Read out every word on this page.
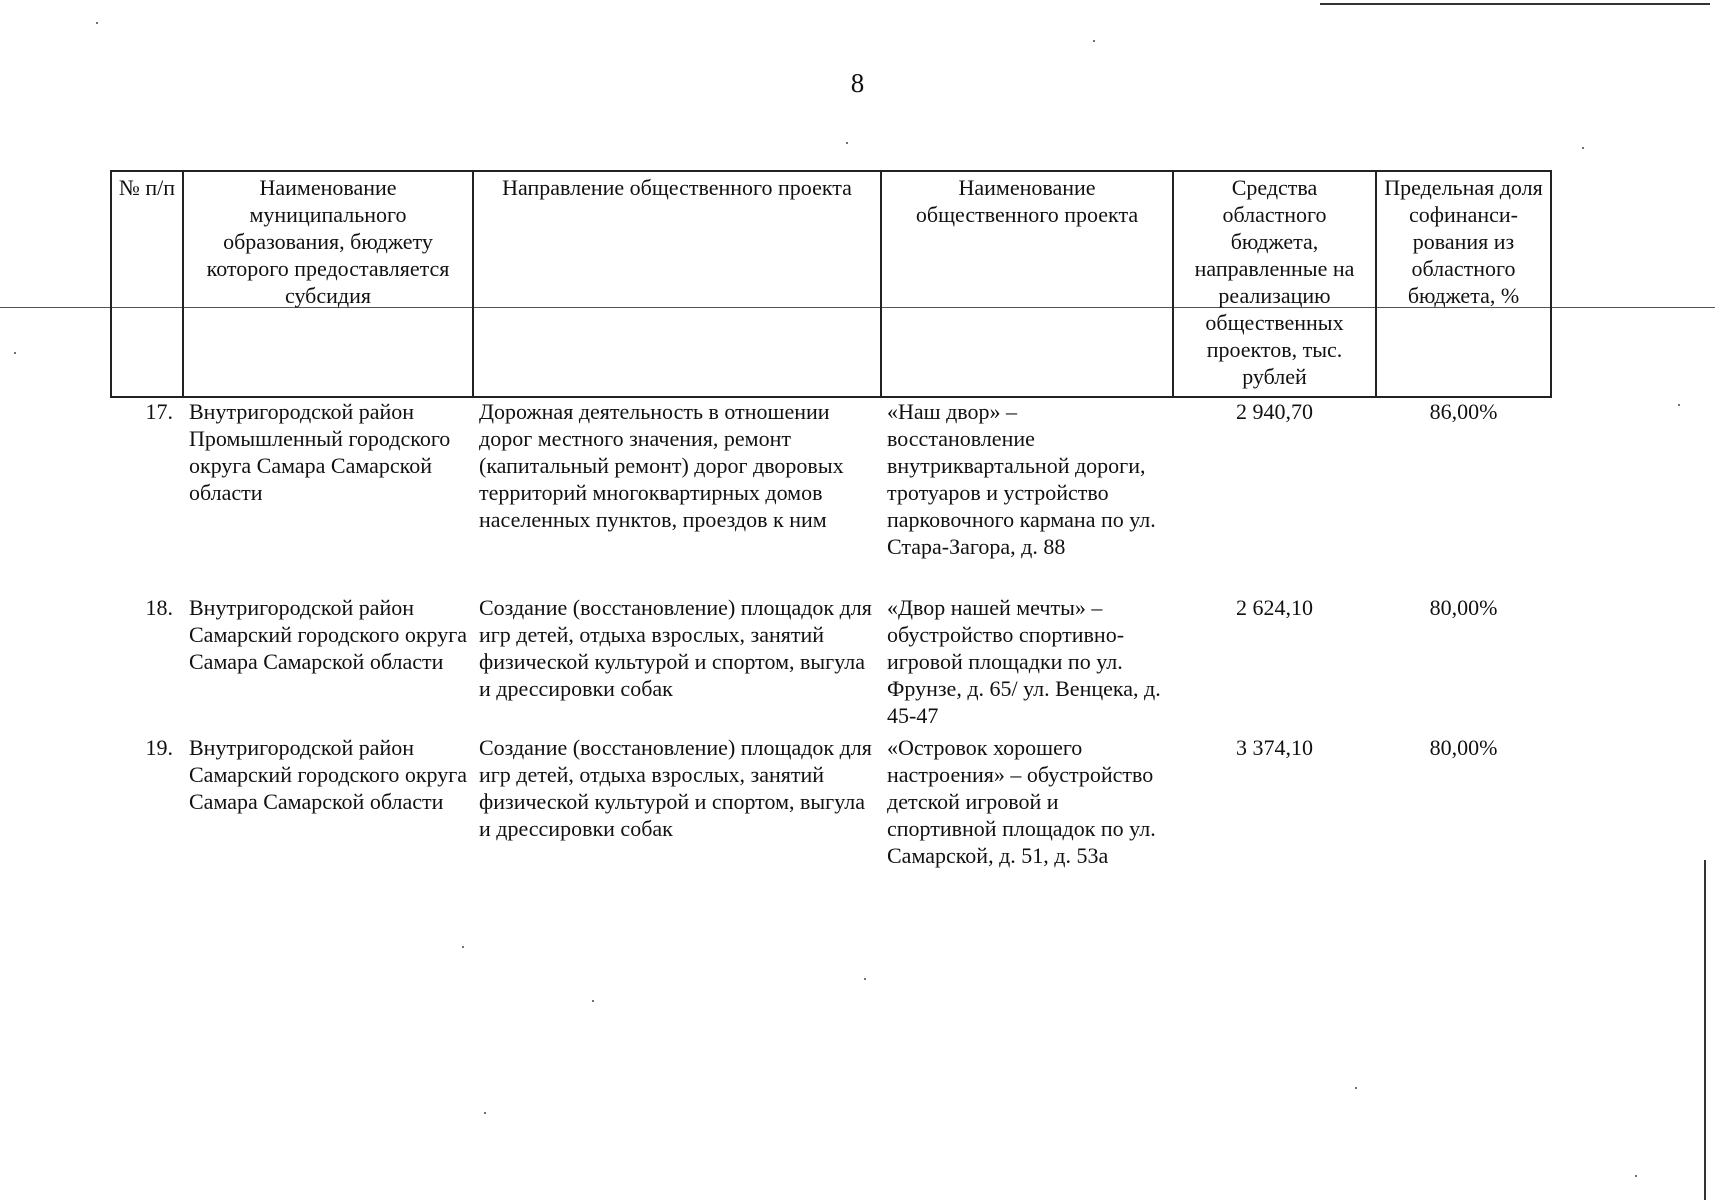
8
№ п/п	Наименование муниципального образования, бюджету которого предоставляется субсидия	Направление общественного проекта	Наименование общественного проекта	Средства областного бюджета, направленные на реализацию общественных проектов, тыс. рублей	Предельная доля софинанси-рования из областного бюджета, %
17.	Внутригородской район Промышленный городского округа Самара Самарской области	Дорожная деятельность в отношении дорог местного значения, ремонт (капитальный ремонт) дорог дворовых территорий многоквартирных домов населенных пунктов, проездов к ним	«Наш двор» – восстановление внутриквартальной дороги, тротуаров и устройство парковочного кармана по ул. Стара-Загора, д. 88	2 940,70	86,00%
18.	Внутригородской район Самарский городского округа Самара Самарской области	Создание (восстановление) площадок для игр детей, отдыха взрослых, занятий физической культурой и спортом, выгула и дрессировки собак	«Двор нашей мечты» – обустройство спортивно-игровой площадки по ул. Фрунзе, д. 65/ ул. Венцека, д. 45-47	2 624,10	80,00%
19.	Внутригородской район Самарский городского округа Самара Самарской области	Создание (восстановление) площадок для игр детей, отдыха взрослых, занятий физической культурой и спортом, выгула и дрессировки собак	«Островок хорошего настроения» – обустройство детской игровой и спортивной площадок по ул. Самарской, д. 51, д. 53а	3 374,10	80,00%
